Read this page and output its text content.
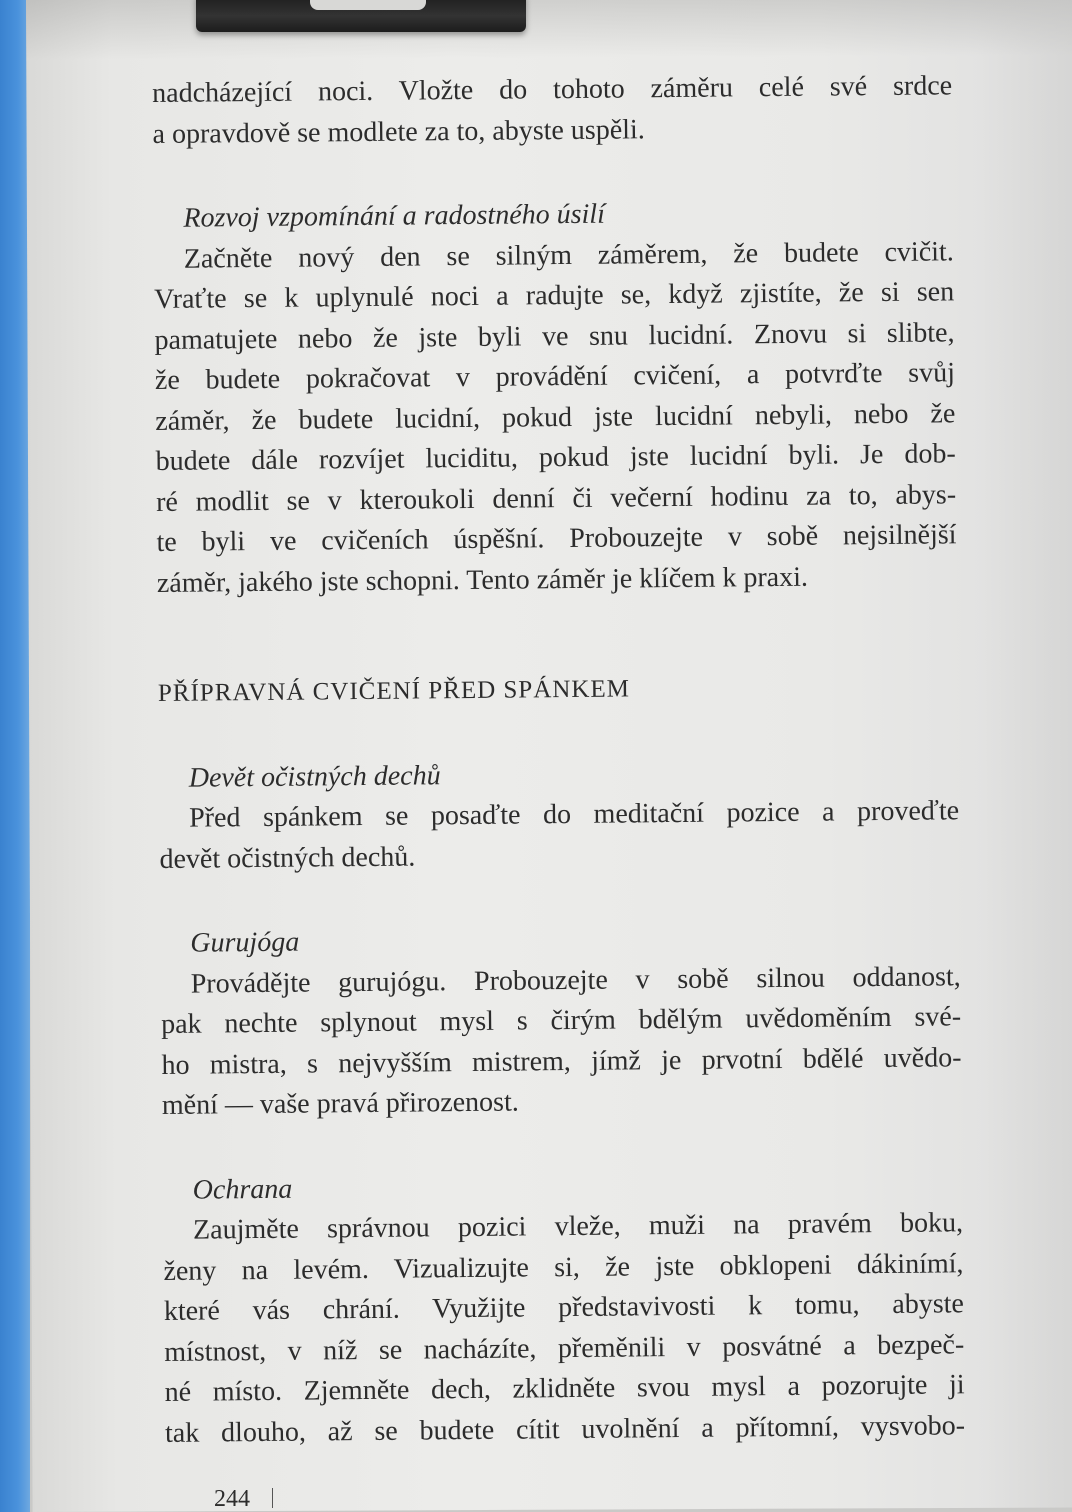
nadcházející noci. Vložte do tohoto záměru celé své srdce
a opravdově se modlete za to, abyste uspěli.

Rozvoj vzpomínání a radostného úsilí

Začněte nový den se silným záměrem, že budete cvičit.
Vraťte se k uplynulé noci a radujte se, když zjistíte, že si sen
pamatujete nebo že jste byli ve snu lucidní. Znovu si slibte,
že budete pokračovat v provádění cvičení, a potvrďte svůj
záměr, že budete lucidní, pokud jste lucidní nebyli, nebo že
budete dále rozvíjet luciditu, pokud jste lucidní byli. Je dob-
ré modlit se v kteroukoli denní či večerní hodinu za to, abys-
te byli ve cvičeních úspěšní. Probouzejte v sobě nejsilnější
záměr, jakého jste schopni. Tento záměr je klíčem k praxi.

PŘÍPRAVNÁ CVIČENÍ PŘED SPÁNKEM

Devět očistných dechů

Před spánkem se posaďte do meditační pozice a proveďte
devět očistných dechů.

Gurujóga

Provádějte gurujógu. Probouzejte v sobě silnou oddanost,
pak nechte splynout mysl s čirým bdělým uvědoměním své-
ho mistra, s nejvyšším mistrem, jímž je prvotní bdělé uvědo-
mění — vaše pravá přirozenost.

Ochrana

Zaujměte správnou pozici vleže, muži na pravém boku,
ženy na levém. Vizualizujte si, že jste obklopeni dákinímí,
které vás chrání. Využijte představivosti k tomu, abyste
místnost, v níž se nacházíte, přeměnili v posvátné a bezpeč-
né místo. Zjemněte dech, zklidněte svou mysl a pozorujte ji
tak dlouho, až se budete cítit uvolnění a přítomní, vysvobo-

244
